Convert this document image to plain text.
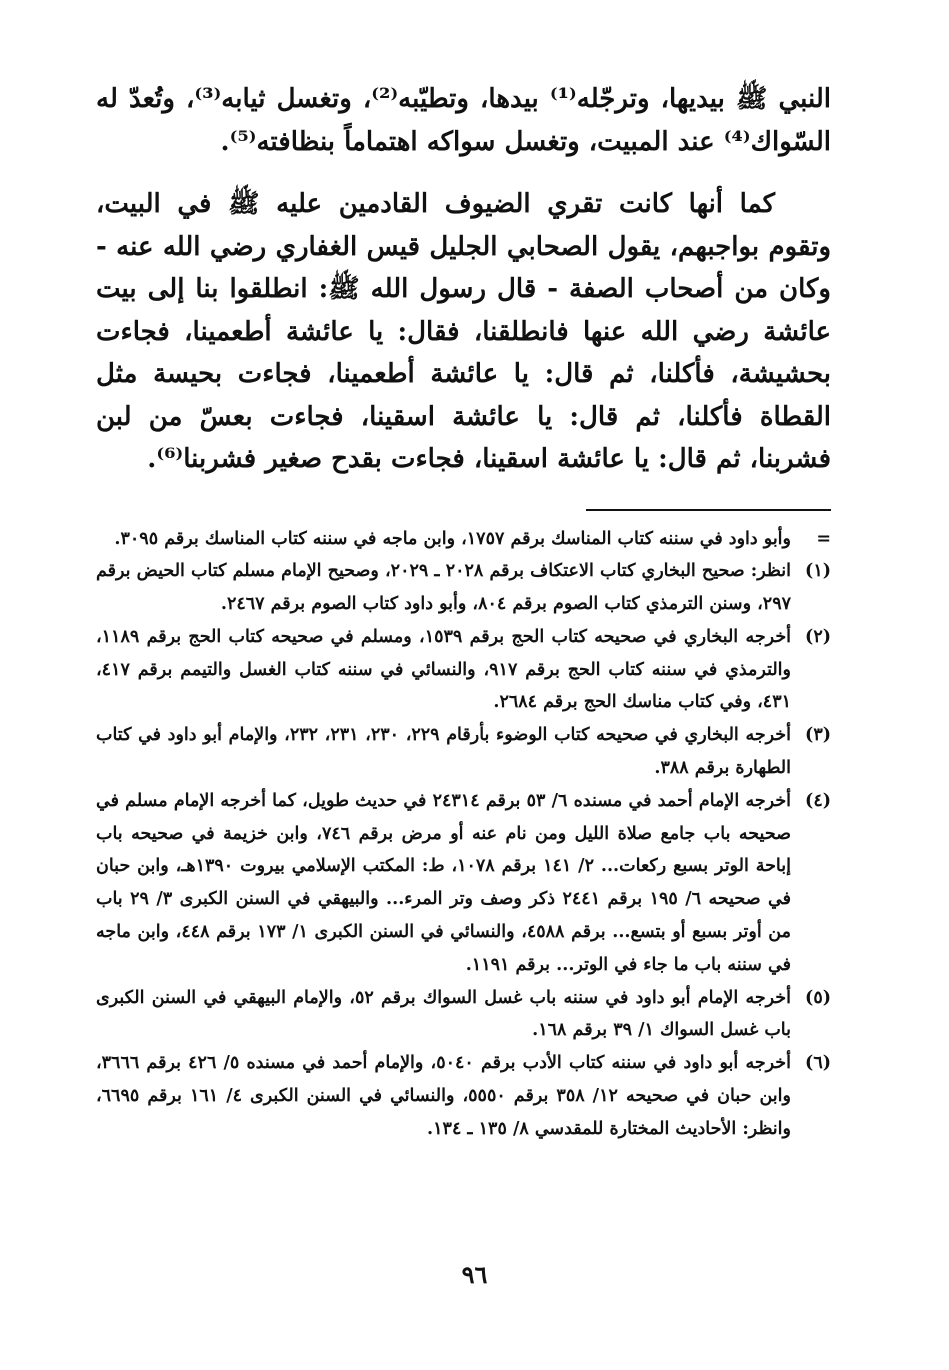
النبي ﷺ بيديها، وترجّله⁽¹⁾ بيدها، وتطيّبه⁽²⁾، وتغسل ثيابه⁽³⁾، وتُعدّ له السّواك⁽⁴⁾ عند المبيت، وتغسل سواكه اهتماماً بنظافته⁽⁵⁾.

كما أنها كانت تقري الضيوف القادمين عليه ﷺ في البيت، وتقوم بواجبهم، يقول الصحابي الجليل قيس الغفاري رضي الله عنه - وكان من أصحاب الصفة - قال رسول الله ﷺ: انطلقوا بنا إلى بيت عائشة رضي الله عنها فانطلقنا، فقال: يا عائشة أطعمينا، فجاءت بحشيشة، فأكلنا، ثم قال: يا عائشة أطعمينا، فجاءت بحيسة مثل القطاة فأكلنا، ثم قال: يا عائشة اسقينا، فجاءت بعسّ من لبن فشربنا، ثم قال: يا عائشة اسقينا، فجاءت بقدح صغير فشربنا⁽⁶⁾.

=
وأبو داود في سننه كتاب المناسك برقم ١٧٥٧، وابن ماجه في سننه كتاب المناسك برقم ٣٠٩٥.
(١)
انظر: صحيح البخاري كتاب الاعتكاف برقم ٢٠٢٨ ـ ٢٠٢٩، وصحيح الإمام مسلم كتاب الحيض برقم ٢٩٧، وسنن الترمذي كتاب الصوم برقم ٨٠٤، وأبو داود كتاب الصوم برقم ٢٤٦٧.
(٢)
أخرجه البخاري في صحيحه كتاب الحج برقم ١٥٣٩، ومسلم في صحيحه كتاب الحج برقم ١١٨٩، والترمذي في سننه كتاب الحج برقم ٩١٧، والنسائي في سننه كتاب الغسل والتيمم برقم ٤١٧، ٤٣١، وفي كتاب مناسك الحج برقم ٢٦٨٤.
(٣)
أخرجه البخاري في صحيحه كتاب الوضوء بأرقام ٢٢٩، ٢٣٠، ٢٣١، ٢٣٢، والإمام أبو داود في كتاب الطهارة برقم ٣٨٨.
(٤)
أخرجه الإمام أحمد في مسنده ٦/ ٥٣ برقم ٢٤٣١٤ في حديث طويل، كما أخرجه الإمام مسلم في صحيحه باب جامع صلاة الليل ومن نام عنه أو مرض برقم ٧٤٦، وابن خزيمة في صحيحه باب إباحة الوتر بسبع ركعات... ٢/ ١٤١ برقم ١٠٧٨، ط: المكتب الإسلامي بيروت ١٣٩٠هـ، وابن حبان في صحيحه ٦/ ١٩٥ برقم ٢٤٤١ ذكر وصف وتر المرء... والبيهقي في السنن الكبرى ٣/ ٢٩ باب من أوتر بسبع أو بتسع... برقم ٤٥٨٨، والنسائي في السنن الكبرى ١/ ١٧٣ برقم ٤٤٨، وابن ماجه في سننه باب ما جاء في الوتر... برقم ١١٩١.
(٥)
أخرجه الإمام أبو داود في سننه باب غسل السواك برقم ٥٢، والإمام البيهقي في السنن الكبرى باب غسل السواك ١/ ٣٩ برقم ١٦٨.
(٦)
أخرجه أبو داود في سننه كتاب الأدب برقم ٥٠٤٠، والإمام أحمد في مسنده ٥/ ٤٢٦ برقم ٣٦٦٦، وابن حبان في صحيحه ١٢/ ٣٥٨ برقم ٥٥٥٠، والنسائي في السنن الكبرى ٤/ ١٦١ برقم ٦٦٩٥، وانظر: الأحاديث المختارة للمقدسي ٨/ ١٣٥ ـ ١٣٤.
٩٦
